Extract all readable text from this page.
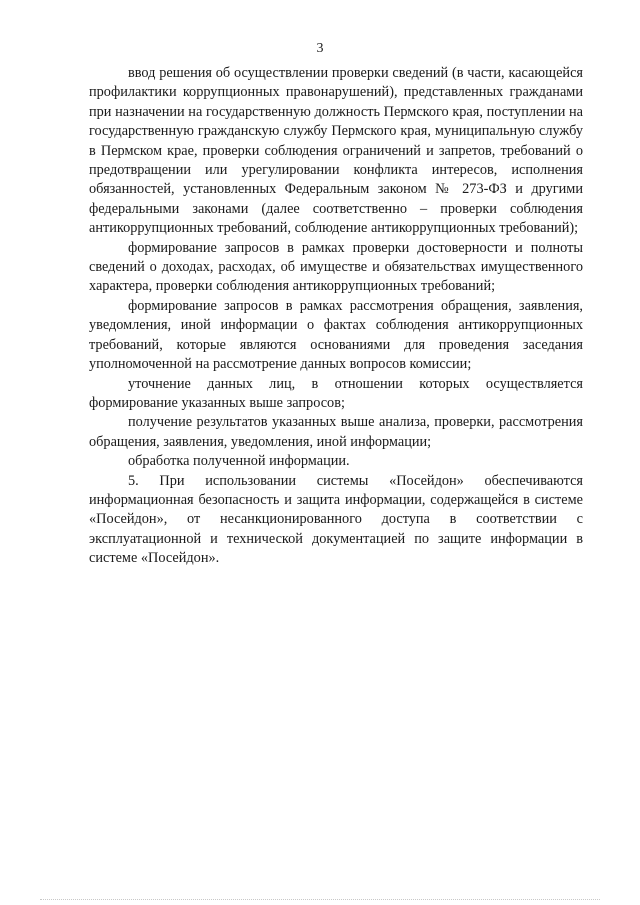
3

ввод решения об осуществлении проверки сведений (в части, касающейся профилактики коррупционных правонарушений), представленных гражданами при назначении на государственную должность Пермского края, поступлении на государственную гражданскую службу Пермского края, муниципальную службу в Пермском крае, проверки соблюдения ограничений и запретов, требований о предотвращении или урегулировании конфликта интересов, исполнения обязанностей, установленных Федеральным законом № 273-ФЗ и другими федеральными законами (далее соответственно – проверки соблюдения антикоррупционных требований, соблюдение антикоррупционных требований);

формирование запросов в рамках проверки достоверности и полноты сведений о доходах, расходах, об имуществе и обязательствах имущественного характера, проверки соблюдения антикоррупционных требований;

формирование запросов в рамках рассмотрения обращения, заявления, уведомления, иной информации о фактах соблюдения антикоррупционных требований, которые являются основаниями для проведения заседания уполномоченной на рассмотрение данных вопросов комиссии;

уточнение данных лиц, в отношении которых осуществляется формирование указанных выше запросов;

получение результатов указанных выше анализа, проверки, рассмотрения обращения, заявления, уведомления, иной информации;

обработка полученной информации.

5. При использовании системы «Посейдон» обеспечиваются информационная безопасность и защита информации, содержащейся в системе «Посейдон», от несанкционированного доступа в соответствии с эксплуатационной и технической документацией по защите информации в системе «Посейдон».
